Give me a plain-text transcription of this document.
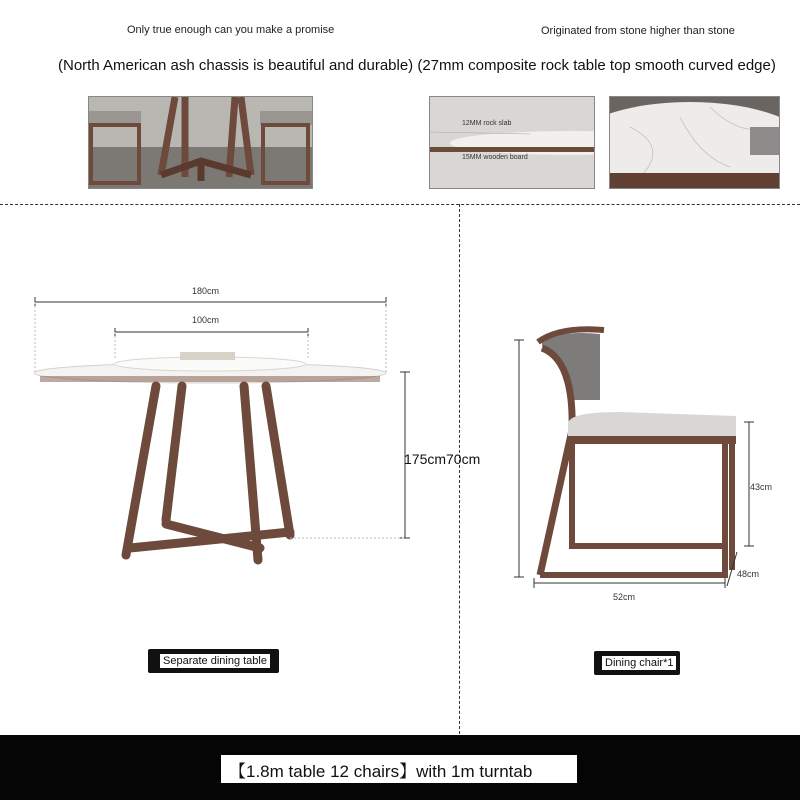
Only true enough can you make a promise	Originated from stone higher than stone
(North American ash chassis is beautiful and durable) (27mm composite rock table top smooth curved edge)
12MM rock slab
15MM wooden board
180cm
100cm
175cm70cm
Separate dining table
43cm
48cm
52cm
Dining chair*1
【1.8m table 12 chairs】with 1m turntab
